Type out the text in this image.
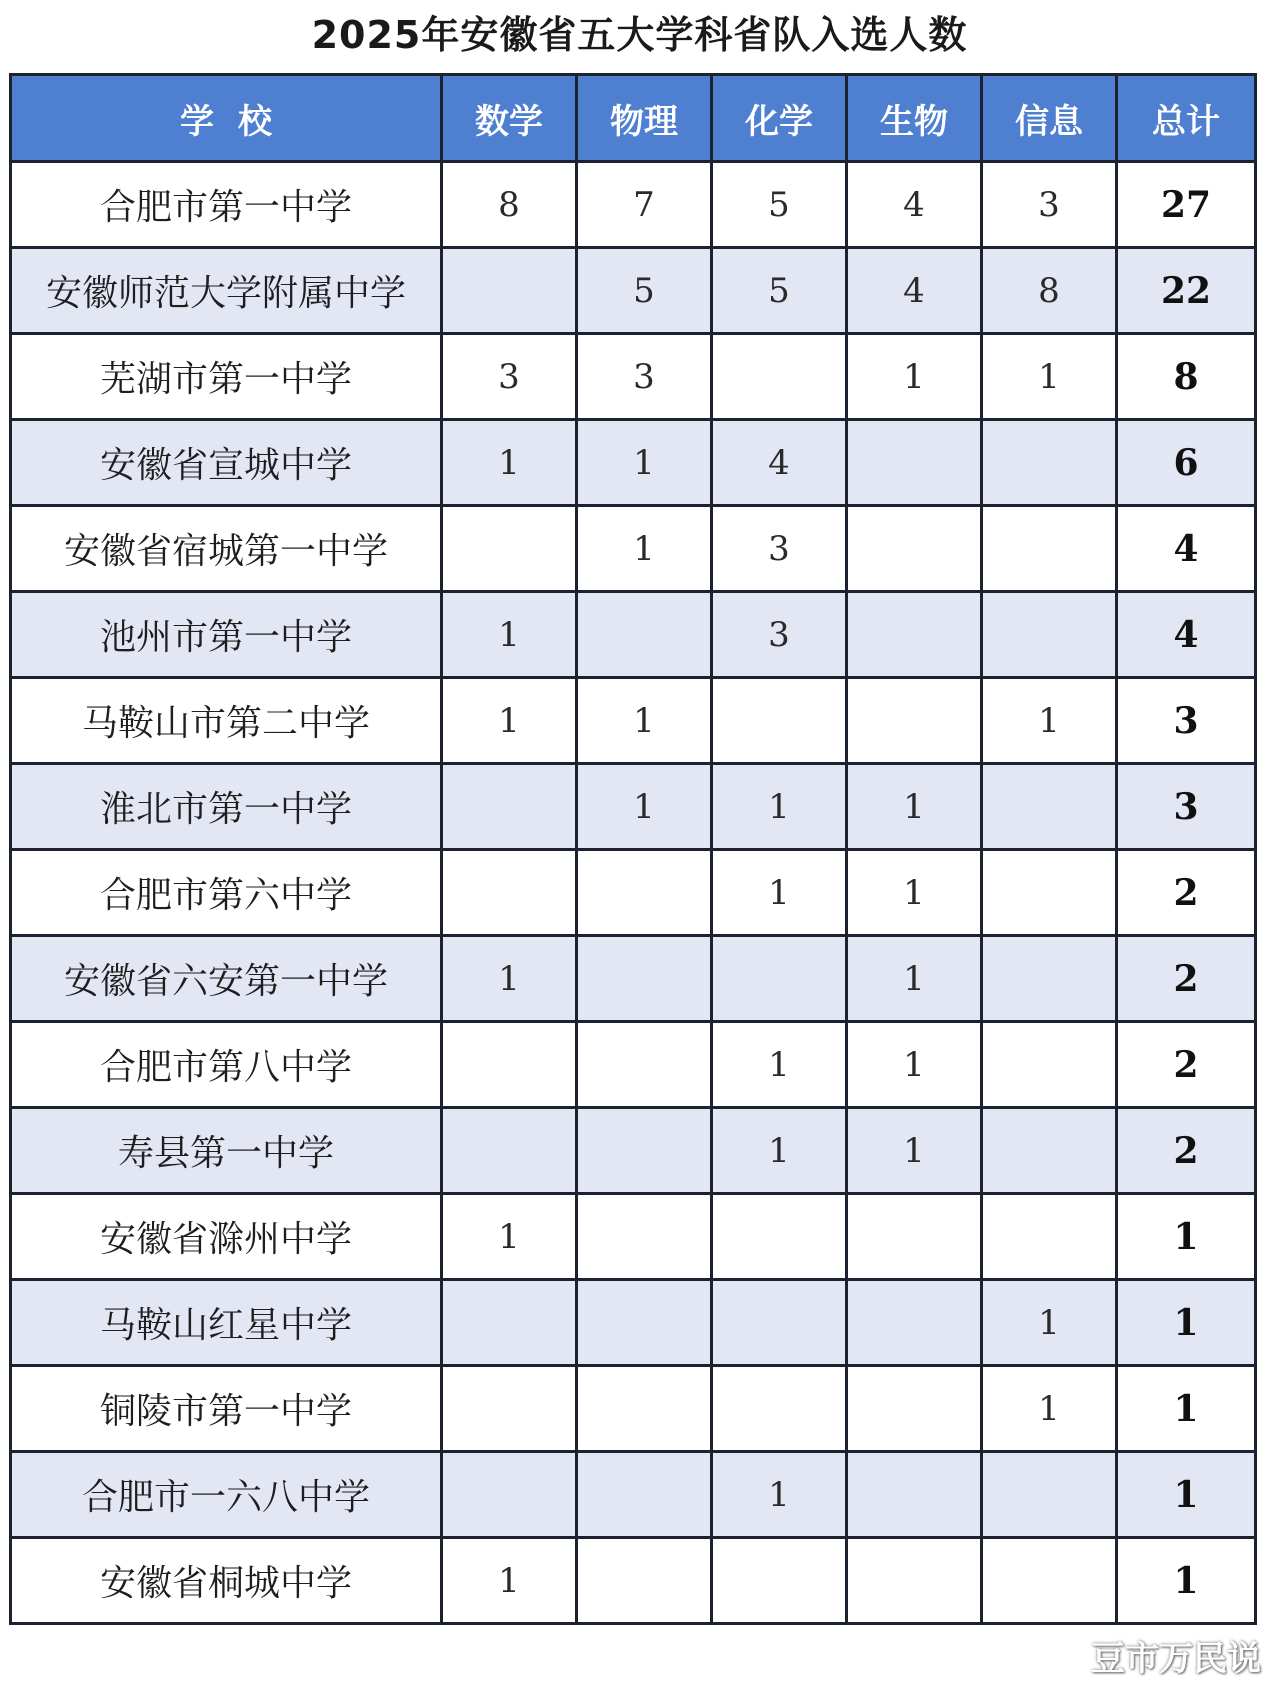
2025年安徽省五大学科省队入选人数
学校	数学	物理	化学	生物	信息	总计
合肥市第一中学	8	7	5	4	3	27
安徽师范大学附属中学		5	5	4	8	22
芜湖市第一中学	3	3		1	1	8
安徽省宣城中学	1	1	4			6
安徽省宿城第一中学		1	3			4
池州市第一中学	1		3			4
马鞍山市第二中学	1	1			1	3
淮北市第一中学		1	1	1		3
合肥市第六中学			1	1		2
安徽省六安第一中学	1			1		2
合肥市第八中学			1	1		2
寿县第一中学			1	1		2
安徽省滁州中学	1					1
马鞍山红星中学					1	1
铜陵市第一中学					1	1
合肥市一六八中学			1			1
安徽省桐城中学	1					1
豆市万民说
